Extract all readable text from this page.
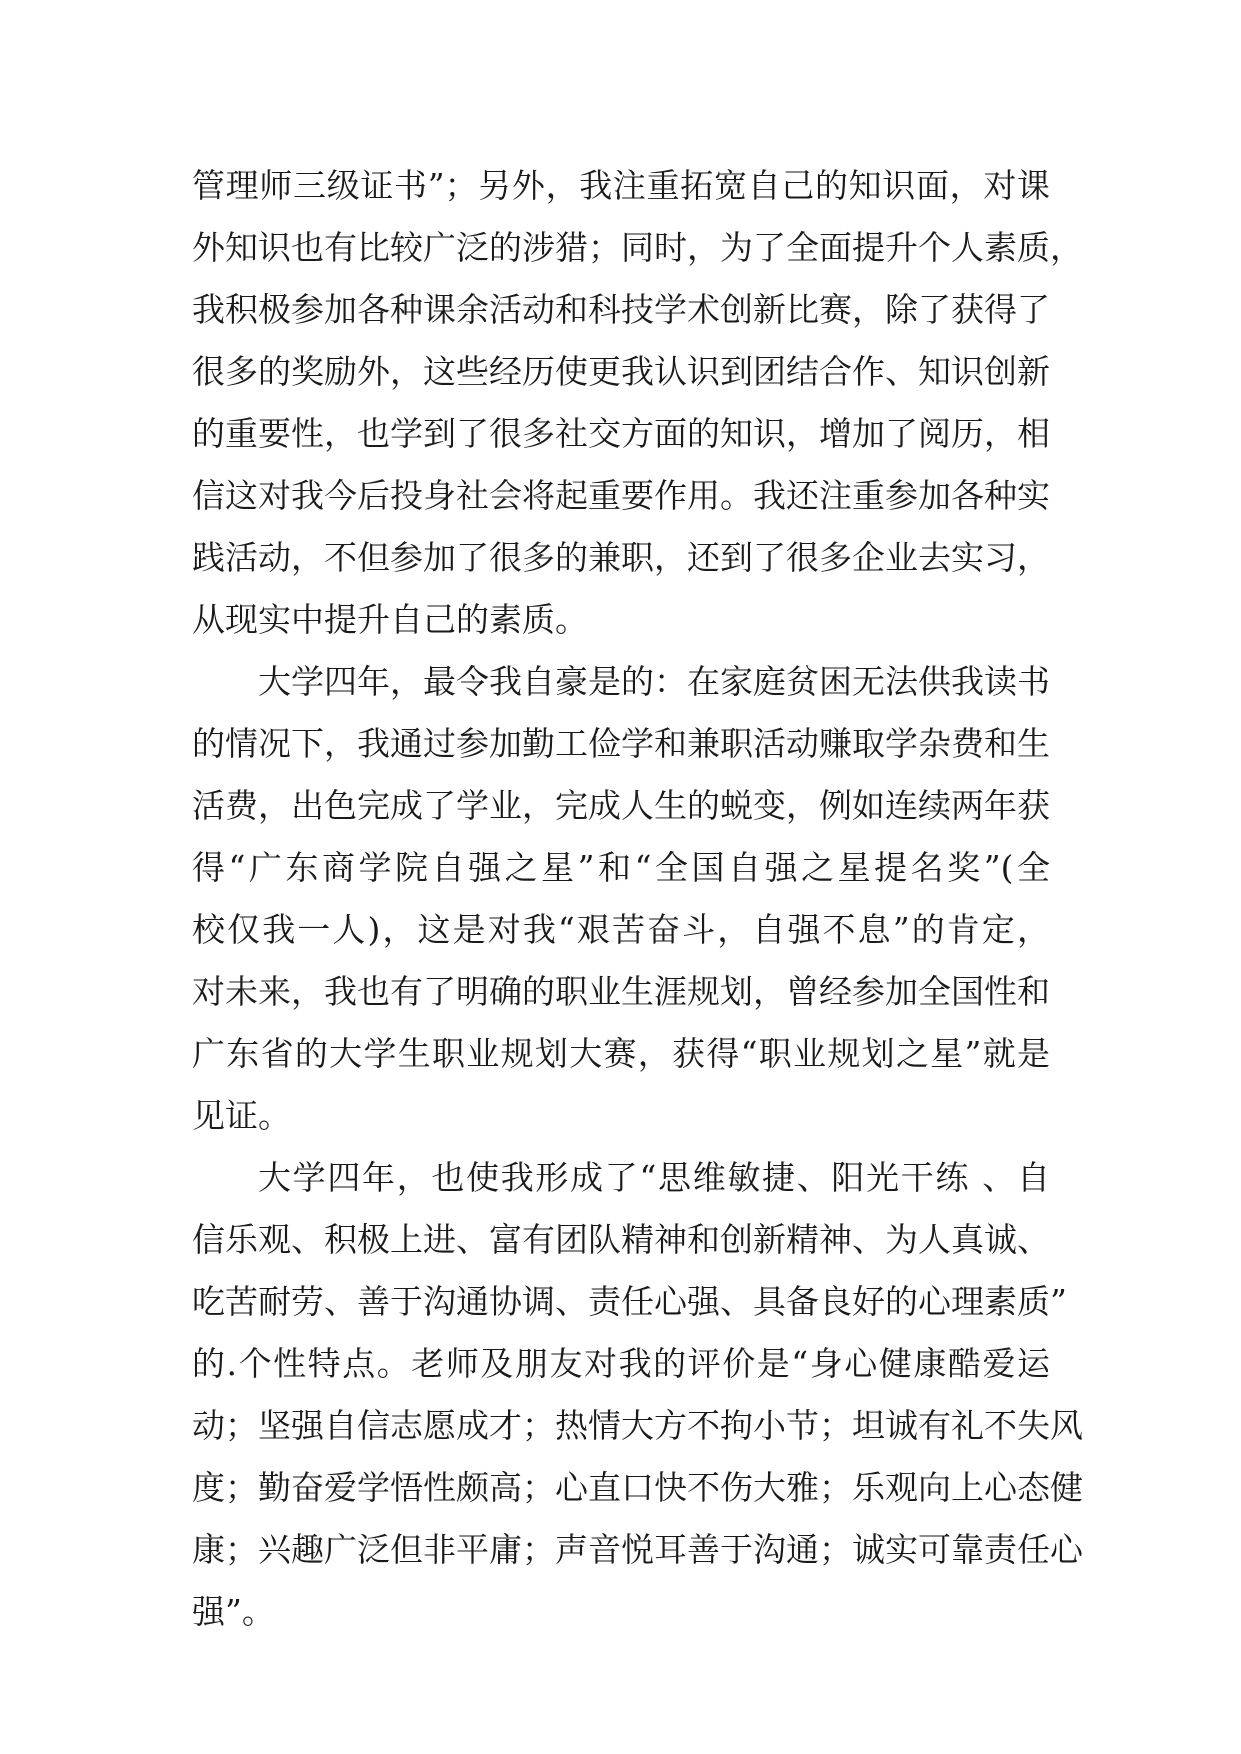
管理师三级证书”；另外，我注重拓宽自己的知识面，对课
外知识也有比较广泛的涉猎；同时，为了全面提升个人素质，
我积极参加各种课余活动和科技学术创新比赛，除了获得了
很多的奖励外，这些经历使更我认识到团结合作、知识创新
的重要性，也学到了很多社交方面的知识，增加了阅历，相
信这对我今后投身社会将起重要作用。我还注重参加各种实
践活动，不但参加了很多的兼职，还到了很多企业去实习，
从现实中提升自己的素质。
大学四年，最令我自豪是的：在家庭贫困无法供我读书
的情况下，我通过参加勤工俭学和兼职活动赚取学杂费和生
活费，出色完成了学业，完成人生的蜕变，例如连续两年获
得“广东商学院自强之星”和“全国自强之星提名奖”(全
校仅我一人)，这是对我“艰苦奋斗，自强不息”的肯定，
对未来，我也有了明确的职业生涯规划，曾经参加全国性和
广东省的大学生职业规划大赛，获得“职业规划之星”就是
见证。
大学四年，也使我形成了“思维敏捷、阳光干练 、自
信乐观、积极上进、富有团队精神和创新精神、为人真诚、
吃苦耐劳、善于沟通协调、责任心强、具备良好的心理素质”
的.个性特点。老师及朋友对我的评价是“身心健康酷爱运
动；坚强自信志愿成才；热情大方不拘小节；坦诚有礼不失风
度；勤奋爱学悟性颇高；心直口快不伤大雅；乐观向上心态健
康；兴趣广泛但非平庸；声音悦耳善于沟通；诚实可靠责任心
强”。
